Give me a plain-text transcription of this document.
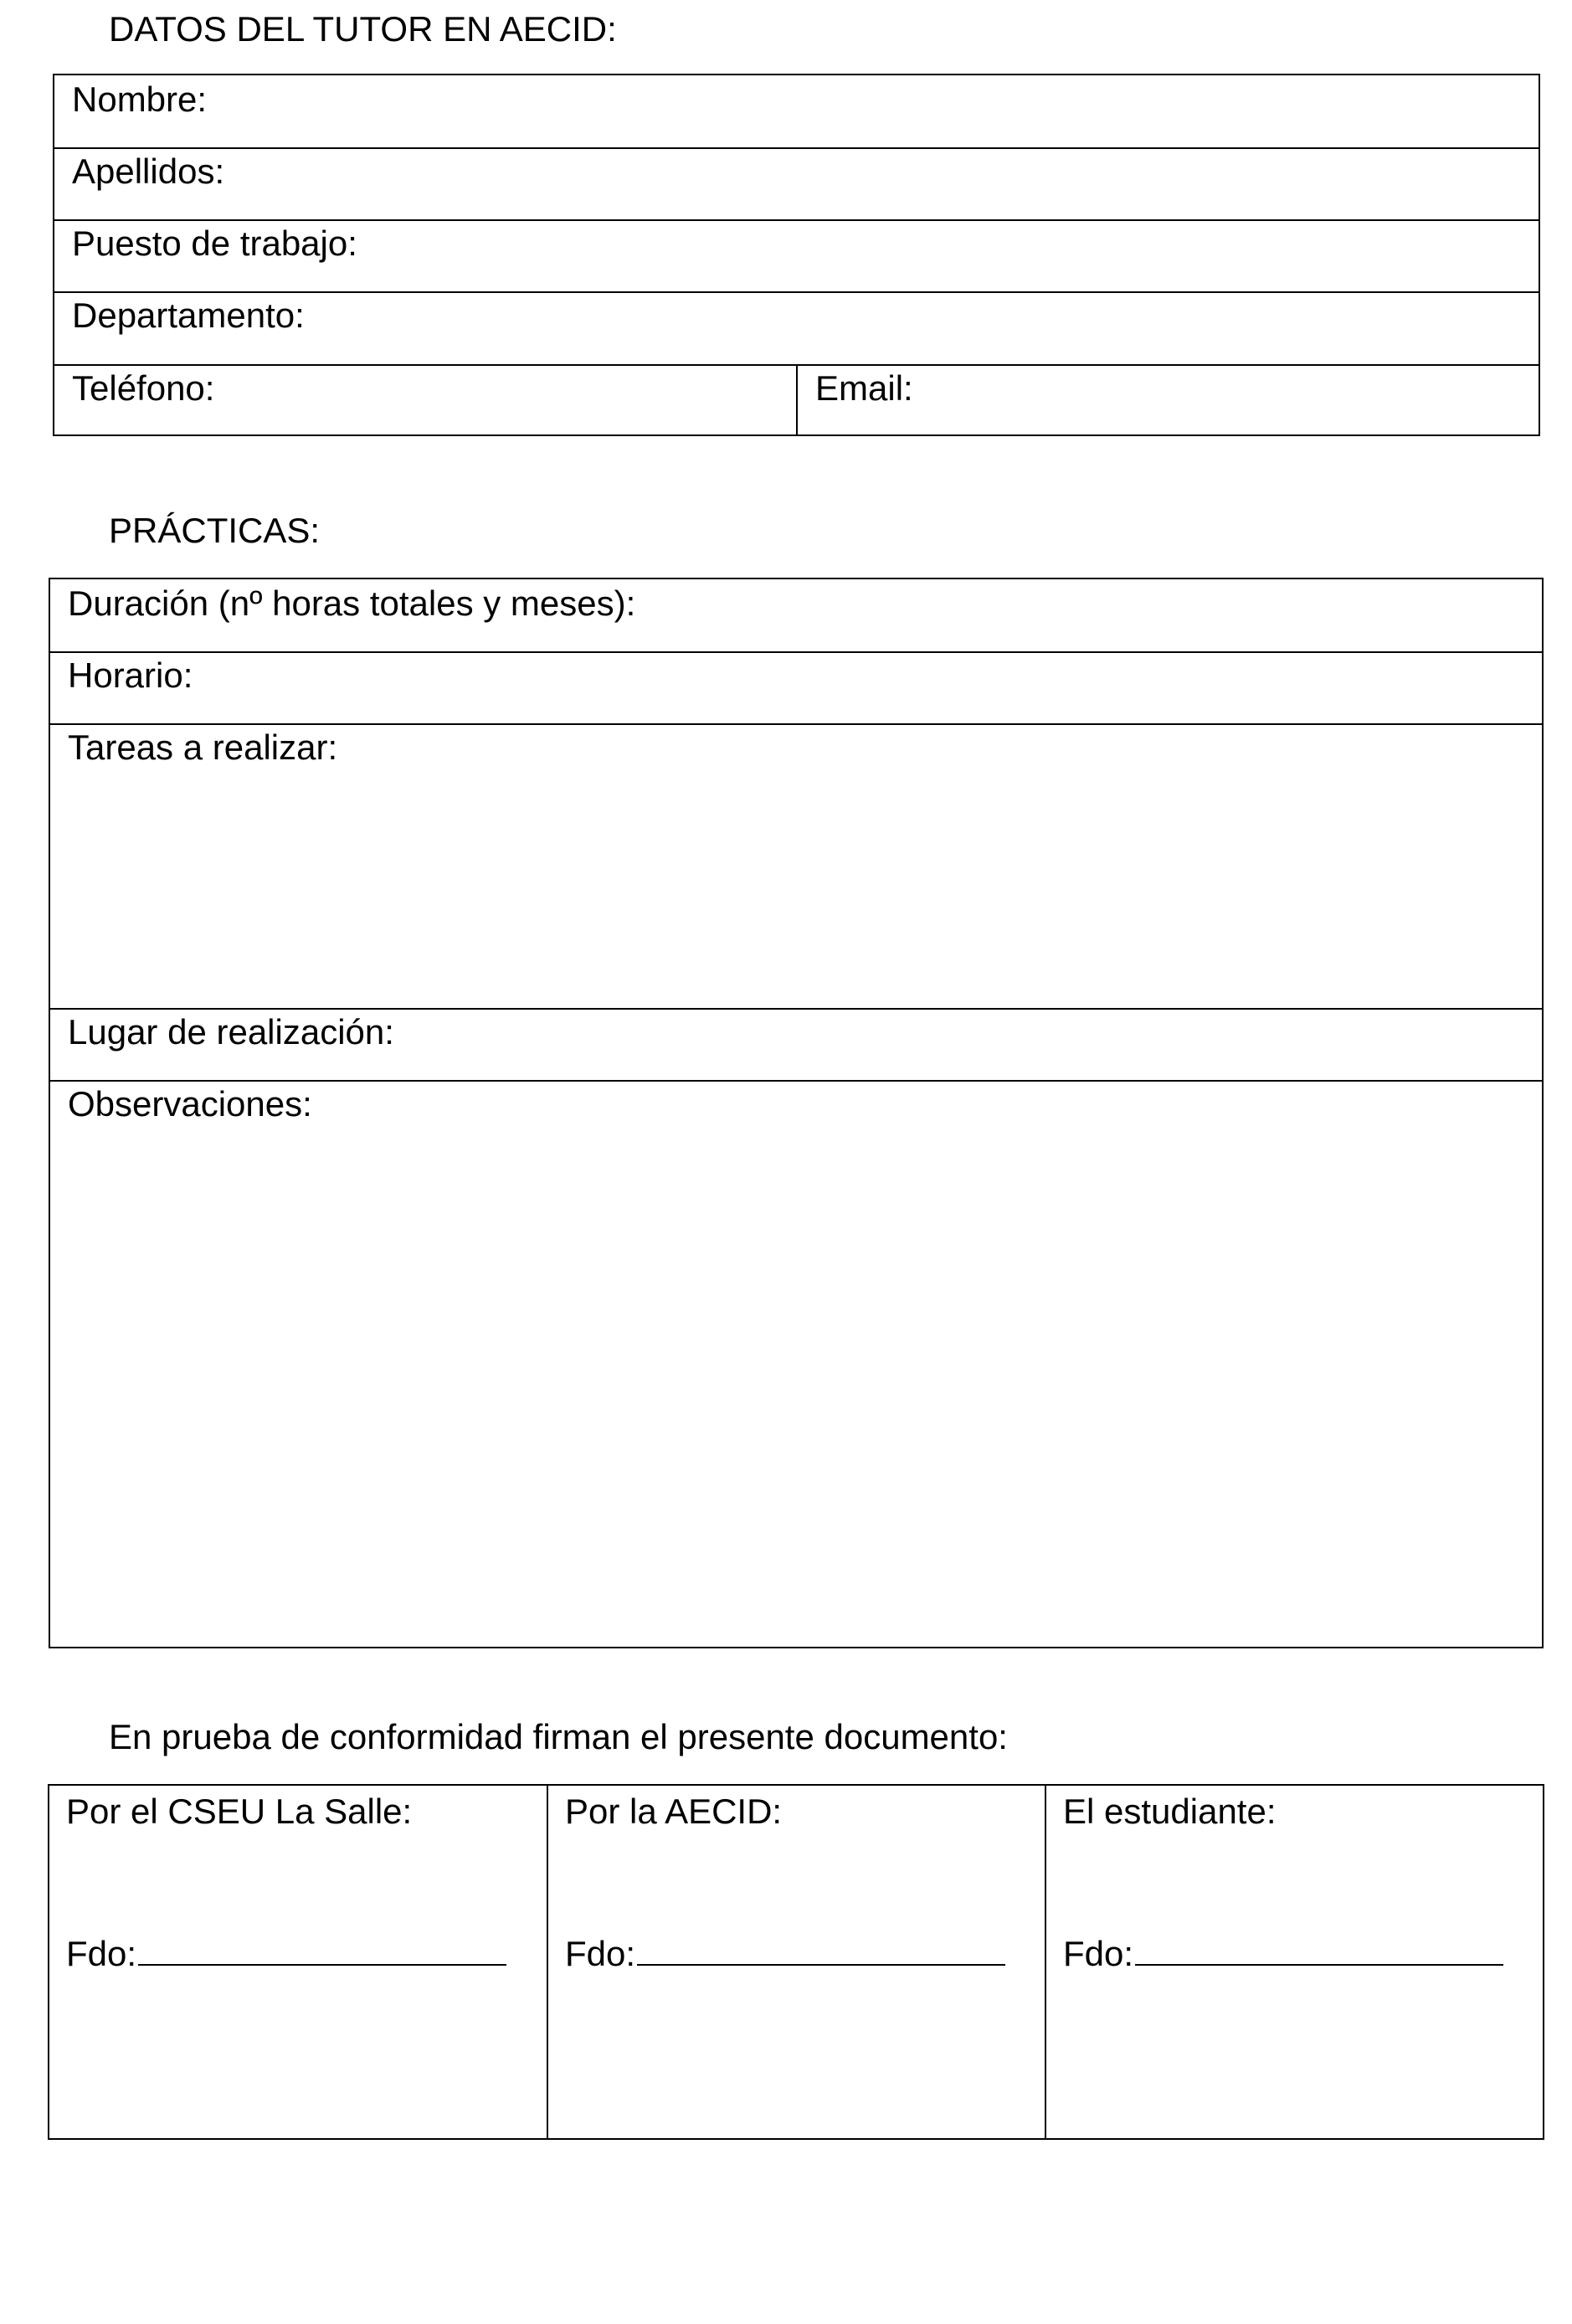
DATOS DEL TUTOR EN AECID:
Nombre:
Apellidos:
Puesto de trabajo:
Departamento:
Teléfono:	Email:
PRÁCTICAS:
Duración (nº horas totales y meses):
Horario:
Tareas a realizar:
Lugar de realización:
Observaciones:
En prueba de conformidad firman el presente documento:
Por el CSEU La Salle:
Fdo:
Por la AECID:
Fdo:
El estudiante:
Fdo:
